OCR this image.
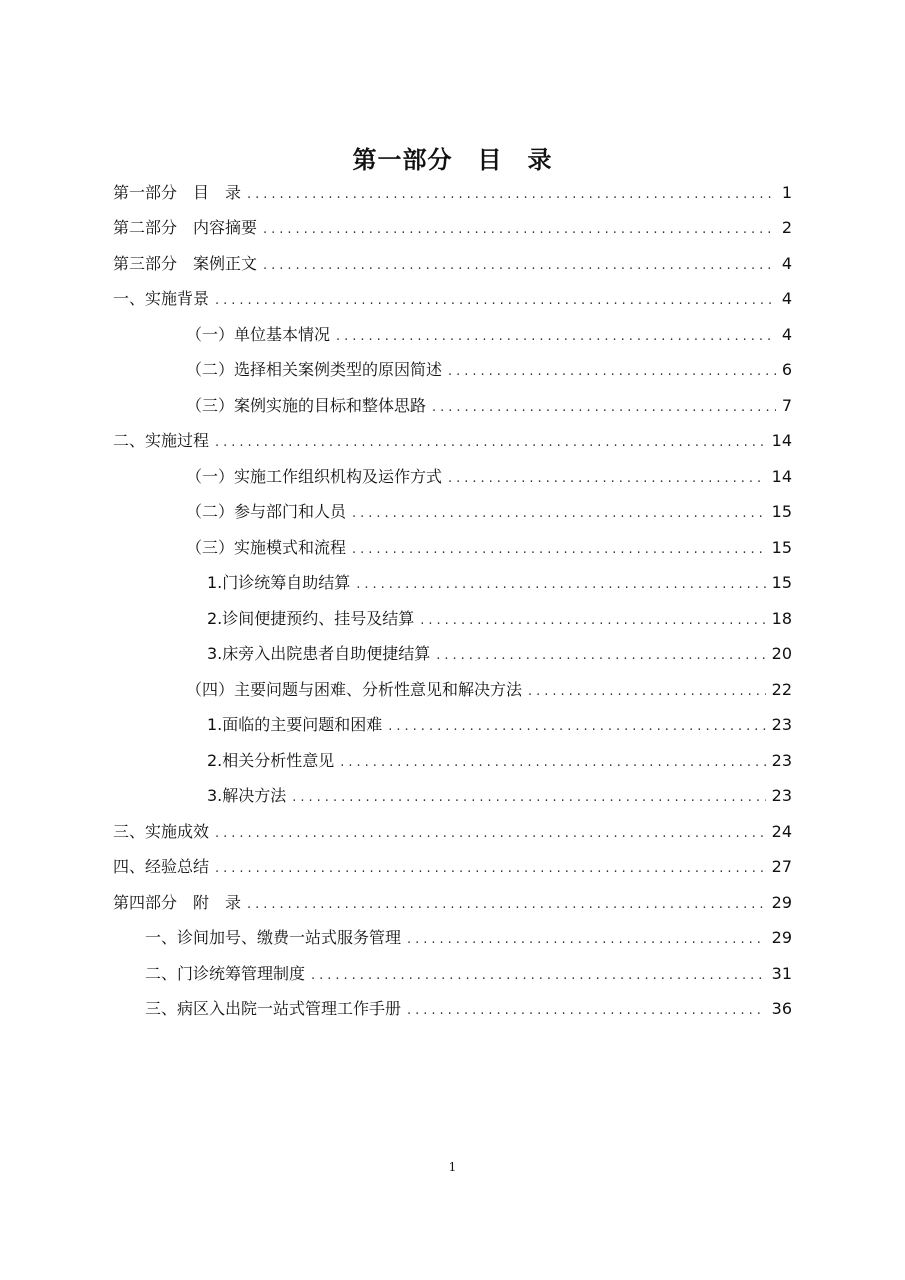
第一部分　目　录
第一部分　目　录 .....	1
第二部分　内容摘要 .....	2
第三部分　案例正文 .....	4
一、实施背景 .....	4
（一）单位基本情况 .....	4
（二）选择相关案例类型的原因简述 .....	6
（三）案例实施的目标和整体思路 .....	7
二、实施过程 .....	14
（一）实施工作组织机构及运作方式 .....	14
（二）参与部门和人员 .....	15
（三）实施模式和流程 .....	15
1.门诊统筹自助结算 .....	15
2.诊间便捷预约、挂号及结算 .....	18
3.床旁入出院患者自助便捷结算 .....	20
（四）主要问题与困难、分析性意见和解决方法 .....	22
1.面临的主要问题和困难 .....	23
2.相关分析性意见 .....	23
3.解决方法 .....	23
三、实施成效 .....	24
四、经验总结 .....	27
第四部分　附　录 .....	29
一、诊间加号、缴费一站式服务管理 .....	29
二、门诊统筹管理制度 .....	31
三、病区入出院一站式管理工作手册 .....	36
1
